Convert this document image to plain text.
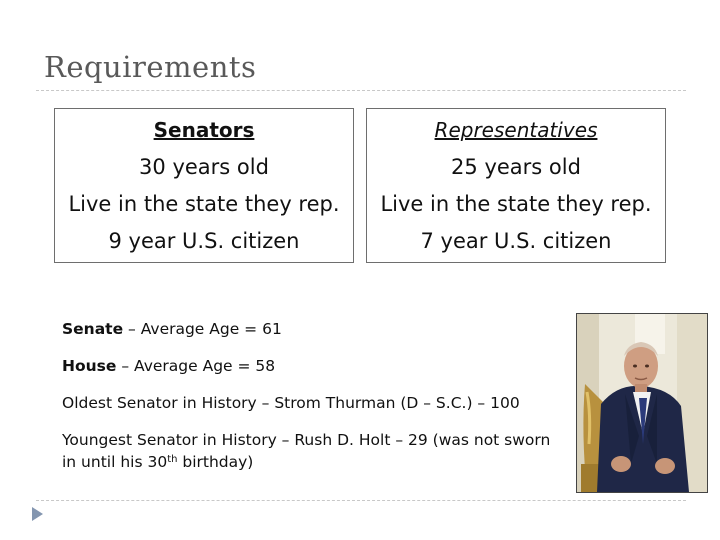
Requirements
Senators
30 years old
Live in the state they rep.
9 year U.S. citizen
Representatives
25 years old
Live in the state they rep.
7 year U.S. citizen

Senate – Average Age = 61

House – Average Age = 58

Oldest Senator in History – Strom Thurman (D – S.C.) – 100

Youngest Senator in History – Rush D. Holt – 29 (was not sworn in until his 30th birthday)
